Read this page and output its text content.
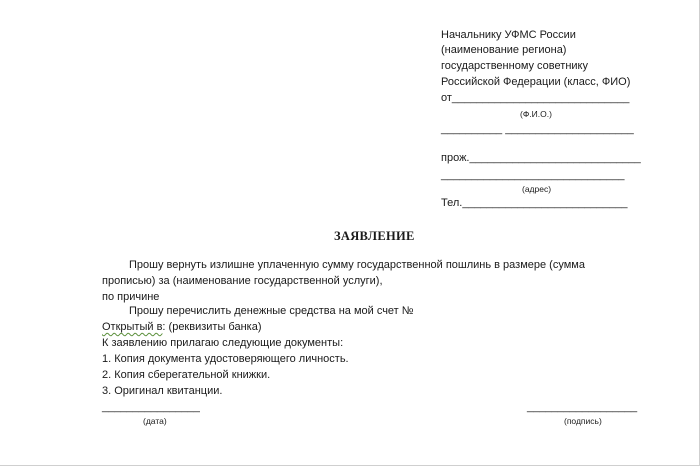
Начальнику УФМС России
(наименование региона)
государственному советнику
Российской Федерации (класс, ФИО)
от_____________________________
(Ф.И.О.)
__________ _____________________
прож.____________________________
______________________________
(адрес)
Тел.___________________________
ЗАЯВЛЕНИЕ
Прошу вернуть излишне уплаченную сумму государственной пошлинь в размере (сумма
прописью) за (наименование государственной услуги),
по причине
Прошу перечислить денежные средства на мой счет №
Открытый в: (реквизиты банка)
К заявлению прилагаю следующие документы:
1. Копия документа удостоверяющего личность.
2. Копия сберегательной книжки.
3. Оригинал квитанции.
________________
(дата)
__________________
(подпись)
